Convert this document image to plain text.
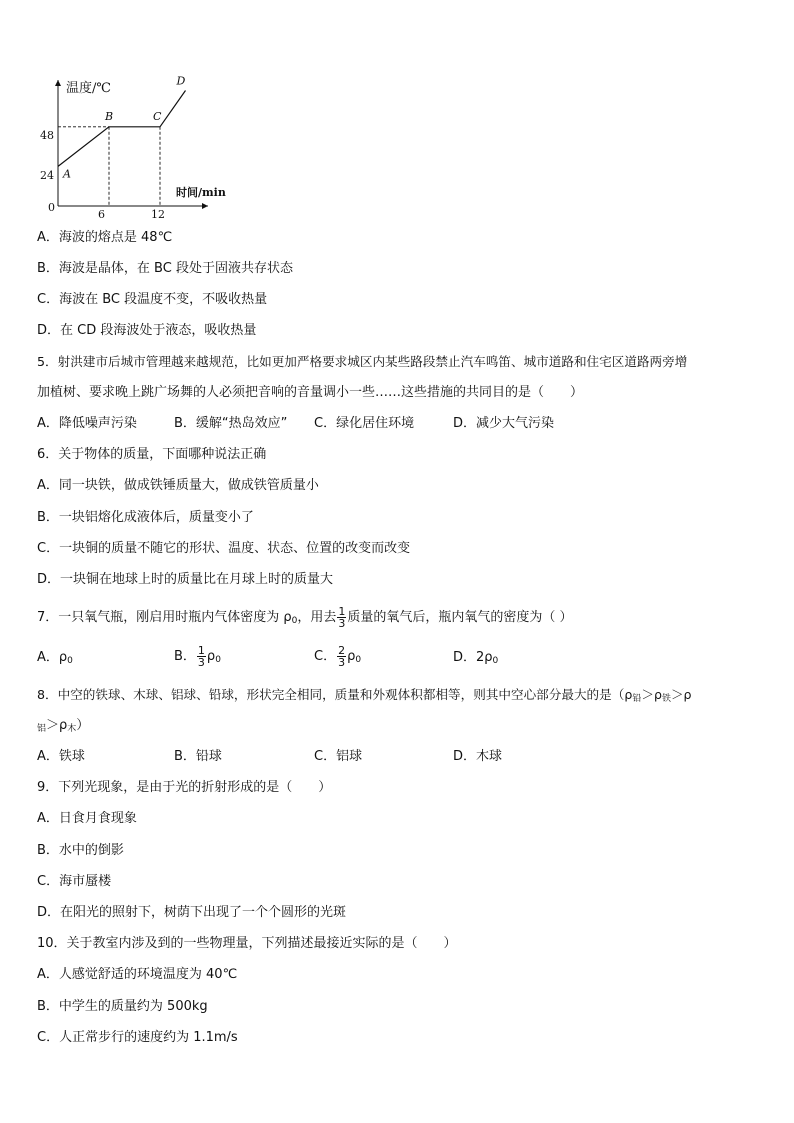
A
B	C
D
温度/℃
时间/min
0
6	12
24
48
A．海波的熔点是 48℃
B．海波是晶体，在 BC 段处于固液共存状态
C．海波在 BC 段温度不变，不吸收热量
D．在 CD 段海波处于液态，吸收热量
5．射洪建市后城市管理越来越规范，比如更加严格要求城区内某些路段禁止汽车鸣笛、城市道路和住宅区道路两旁增
加植树、要求晚上跳广场舞的人必须把音响的音量调小一些……这些措施的共同目的是（　　）
A．降低噪声污染	B．缓解“热岛效应” C．绿化居住环境	D．减少大气污染
6．关于物体的质量，下面哪种说法正确
A．同一块铁，做成铁锤质量大，做成铁管质量小
B．一块铝熔化成液体后，质量变小了
C．一块铜的质量不随它的形状、温度、状态、位置的改变而改变
D．一块铜在地球上时的质量比在月球上时的质量大
7．一只氧气瓶，刚启用时瓶内气体密度为 $\rho_0$，用去 $\frac{1}{3}$ 质量的氧气后，瓶内氧气的密度为（ ）
A．$\rho_0$	B． $\frac{1}{3} \rho_0$	C． $\frac{2}{3} \rho_0$	D．$2\rho_0$
8．中空的铁球、木球、铝球、铅球，形状完全相同，质量和外观体积都相等，则其中空心部分最大的是（$\rho_铅>\rho_铁>\rho$
$_铝>\rho_木$）
A．铁球	B．铅球	C．铝球	D．木球
9．下列光现象，是由于光的折射形成的是（　　）
A．日食月食现象
B．水中的倒影
C．海市蜃楼
D．在阳光的照射下，树荫下出现了一个个圆形的光斑
10．关于教室内涉及到的一些物理量，下列描述最接近实际的是（　　）
A．人感觉舒适的环境温度为 40℃
B．中学生的质量约为 500kg
C．人正常步行的速度约为 1.1m/s
